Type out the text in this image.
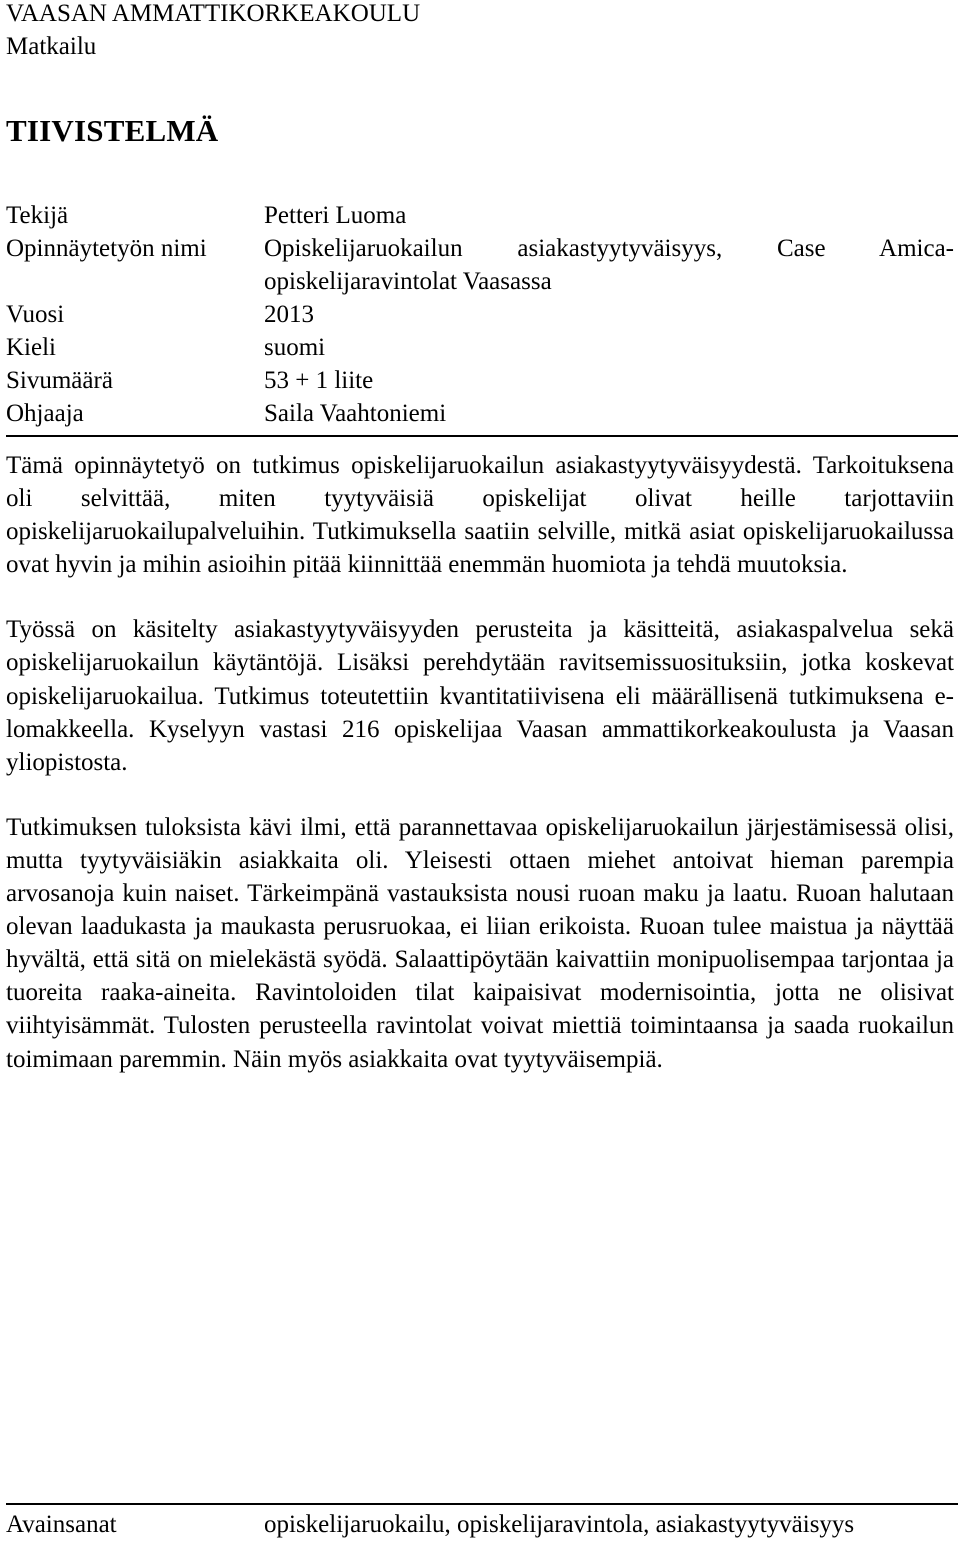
VAASAN AMMATTIKORKEAKOULU

Matkailu

TIIVISTELMÄ
Tekijä	Petteri Luoma
Opinnäytetyön nimi	Opiskelijaruokailun asiakastyytyväisyys, Case Amica-opiskelijaravintolat Vaasassa
Vuosi	2013
Kieli	suomi
Sivumäärä	53 + 1 liite
Ohjaaja	Saila Vaahtoniemi

Tämä opinnäytetyö on tutkimus opiskelijaruokailun asiakastyytyväisyydestä. Tarkoituksena oli selvittää, miten tyytyväisiä opiskelijat olivat heille tarjottaviin opiskelijaruokailupalveluihin. Tutkimuksella saatiin selville, mitkä asiat opiskelijaruokailussa ovat hyvin ja mihin asioihin pitää kiinnittää enemmän huomiota ja tehdä muutoksia.

Työssä on käsitelty asiakastyytyväisyyden perusteita ja käsitteitä, asiakaspalvelua sekä opiskelijaruokailun käytäntöjä. Lisäksi perehdytään ravitsemissuosituksiin, jotka koskevat opiskelijaruokailua. Tutkimus toteutettiin kvantitatiivisena eli määrällisenä tutkimuksena e-lomakkeella. Kyselyyn vastasi 216 opiskelijaa Vaasan ammattikorkeakoulusta ja Vaasan yliopistosta.

Tutkimuksen tuloksista kävi ilmi, että parannettavaa opiskelijaruokailun järjestämisessä olisi, mutta tyytyväisiäkin asiakkaita oli. Yleisesti ottaen miehet antoivat hieman parempia arvosanoja kuin naiset. Tärkeimpänä vastauksista nousi ruoan maku ja laatu. Ruoan halutaan olevan laadukasta ja maukasta perusruokaa, ei liian erikoista. Ruoan tulee maistua ja näyttää hyvältä, että sitä on mielekästä syödä. Salaattipöytään kaivattiin monipuolisempaa tarjontaa ja tuoreita raaka-aineita. Ravintoloiden tilat kaipaisivat modernisointia, jotta ne olisivat viihtyisämmät. Tulosten perusteella ravintolat voivat miettiä toimintaansa ja saada ruokailun toimimaan paremmin. Näin myös asiakkaita ovat tyytyväisempiä.

Avainsanat	opiskelijaruokailu, opiskelijaravintola, asiakastyytyväisyys
